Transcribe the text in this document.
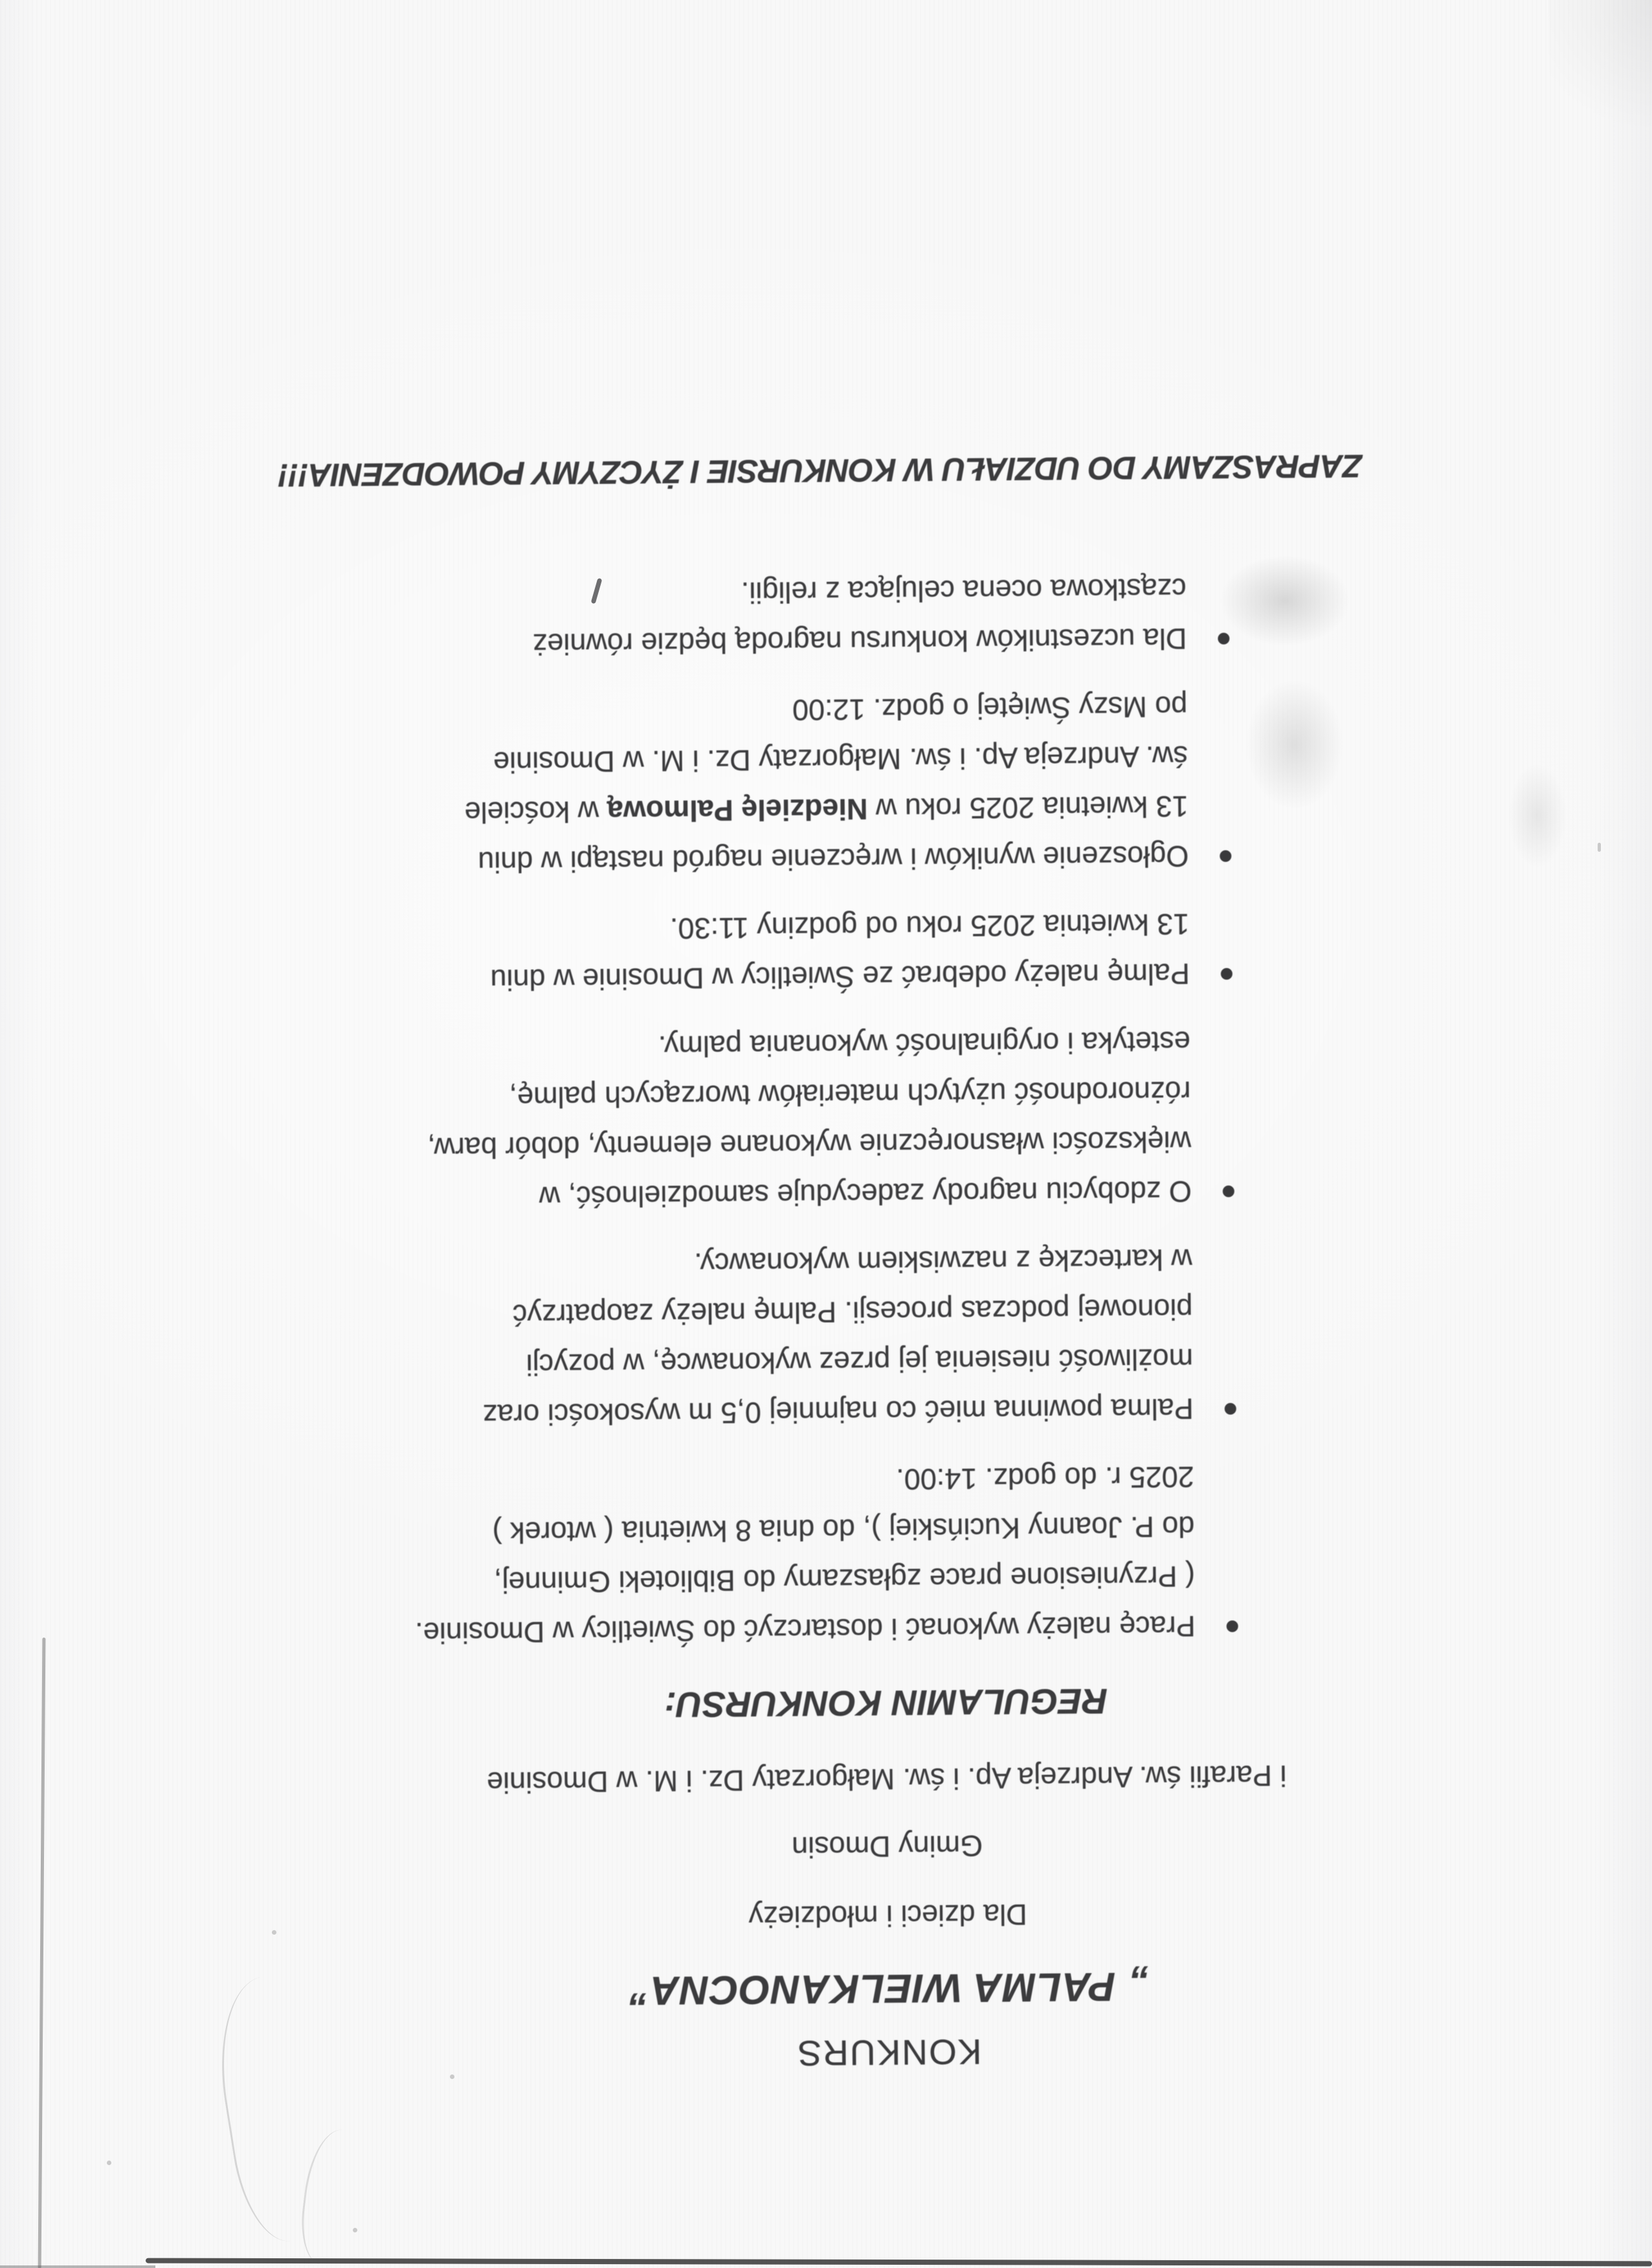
KONKURS
„ PALMA WIELKANOCNA”
Dla dzieci i młodzieży
Gminy Dmosin
i Parafii św. Andrzeja Ap. i św. Małgorzaty Dz. i M. w Dmosinie
REGULAMIN KONKURSU:
Pracę należy wykonać i dostarczyć do Świetlicy w Dmosinie.
( Przyniesione prace zgłaszamy do Biblioteki Gminnej,
do P. Joanny Kucińskiej ), do dnia 8 kwietnia ( wtorek )
2025 r. do godz. 14:00.
Palma powinna mieć co najmniej 0,5 m wysokości oraz
możliwość niesienia jej przez wykonawcę, w pozycji
pionowej podczas procesji. Palmę należy zaopatrzyć
w karteczkę z nazwiskiem wykonawcy.
O zdobyciu nagrody zadecyduje samodzielność, w
większości własnoręcznie wykonane elementy, dobór barw,
różnorodność użytych materiałów tworzących palmę,
estetyka i oryginalność wykonania palmy.
Palmę należy odebrać ze Świetlicy w Dmosinie w dniu
13 kwietnia 2025 roku od godziny 11:30.
Ogłoszenie wyników i wręczenie nagród nastąpi w dniu
13 kwietnia 2025 roku w Niedzielę Palmową w kościele
św. Andrzeja Ap. i św. Małgorzaty Dz. i M. w Dmosinie
po Mszy Świętej o godz. 12:00
Dla uczestników konkursu nagrodą będzie również
cząstkowa ocena celująca z religii.
ZAPRASZAMY DO UDZIAŁU W KONKURSIE I ŻYCZYMY POWODZENIA!!!
